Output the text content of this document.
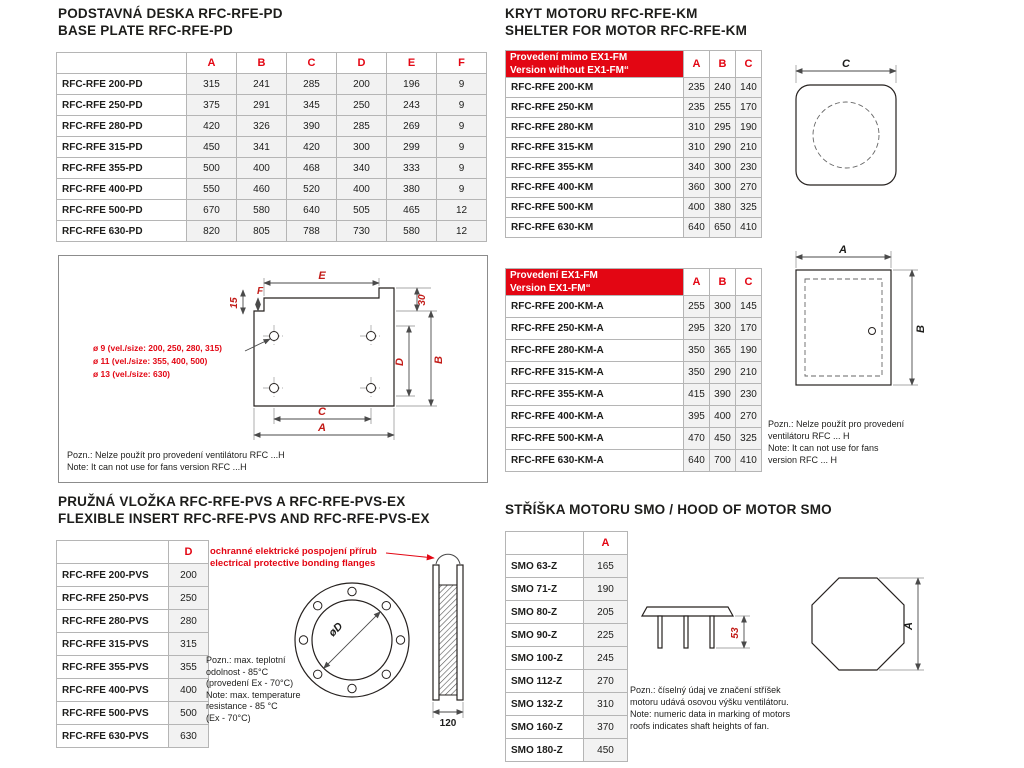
PODSTAVNÁ DESKA RFC-RFE-PD
BASE PLATE RFC-RFE-PD
	A	B	C	D	E	F
RFC-RFE 200-PD	315	241	285	200	196	9
RFC-RFE 250-PD	375	291	345	250	243	9
RFC-RFE 280-PD	420	326	390	285	269	9
RFC-RFE 315-PD	450	341	420	300	299	9
RFC-RFE 355-PD	500	400	468	340	333	9
RFC-RFE 400-PD	550	460	520	400	380	9
RFC-RFE 500-PD	670	580	640	505	465	12
RFC-RFE 630-PD	820	805	788	730	580	12
E
F
15	30
D B
C
A
ø 9 (vel./size: 200, 250, 280, 315)
ø 11 (vel./size: 355, 400, 500)
ø 13 (vel./size: 630)
Pozn.: Nelze použít pro provedení ventilátoru RFC ...H
Note: It can not use for fans version RFC ...H
PRUŽNÁ VLOŽKA RFC-RFE-PVS A RFC-RFE-PVS-EX
FLEXIBLE INSERT RFC-RFE-PVS AND RFC-RFE-PVS-EX
	D
RFC-RFE 200-PVS	200
RFC-RFE 250-PVS	250
RFC-RFE 280-PVS	280
RFC-RFE 315-PVS	315
RFC-RFE 355-PVS	355
RFC-RFE 400-PVS	400
RFC-RFE 500-PVS	500
RFC-RFE 630-PVS	630
øD
120
ochranné elektrické pospojení přírub
electrical protective bonding flanges
Pozn.: max. teplotní
odolnost - 85°C
(provedení Ex - 70°C)
Note: max. temperature
resistance - 85 °C
(Ex - 70°C)
KRYT MOTORU RFC-RFE-KM
SHELTER FOR MOTOR RFC-RFE-KM
Provedení mimo EX1-FM
Version without EX1-FM“	A	B	C
RFC-RFE 200-KM	235	240	140
RFC-RFE 250-KM	235	255	170
RFC-RFE 280-KM	310	295	190
RFC-RFE 315-KM	310	290	210
RFC-RFE 355-KM	340	300	230
RFC-RFE 400-KM	360	300	270
RFC-RFE 500-KM	400	380	325
RFC-RFE 630-KM	640	650	410
Provedení EX1-FM
Version EX1-FM“	A	B	C
RFC-RFE 200-KM-A	255	300	145
RFC-RFE 250-KM-A	295	320	170
RFC-RFE 280-KM-A	350	365	190
RFC-RFE 315-KM-A	350	290	210
RFC-RFE 355-KM-A	415	390	230
RFC-RFE 400-KM-A	395	400	270
RFC-RFE 500-KM-A	470	450	325
RFC-RFE 630-KM-A	640	700	410
C
A
B
Pozn.: Nelze použít pro provedení
ventilátoru RFC ... H
Note: It can not use for fans
version RFC ... H
STŘÍŠKA MOTORU SMO / HOOD OF MOTOR SMO
	A
SMO 63-Z	165
SMO 71-Z	190
SMO 80-Z	205
SMO 90-Z	225
SMO 100-Z	245
SMO 112-Z	270
SMO 132-Z	310
SMO 160-Z	370
SMO 180-Z	450
53
A
Pozn.: číselný údaj ve značení stříšek
motoru udává osovou výšku ventilátoru.
Note: numeric data in marking of motors
roofs indicates shaft heights of fan.
